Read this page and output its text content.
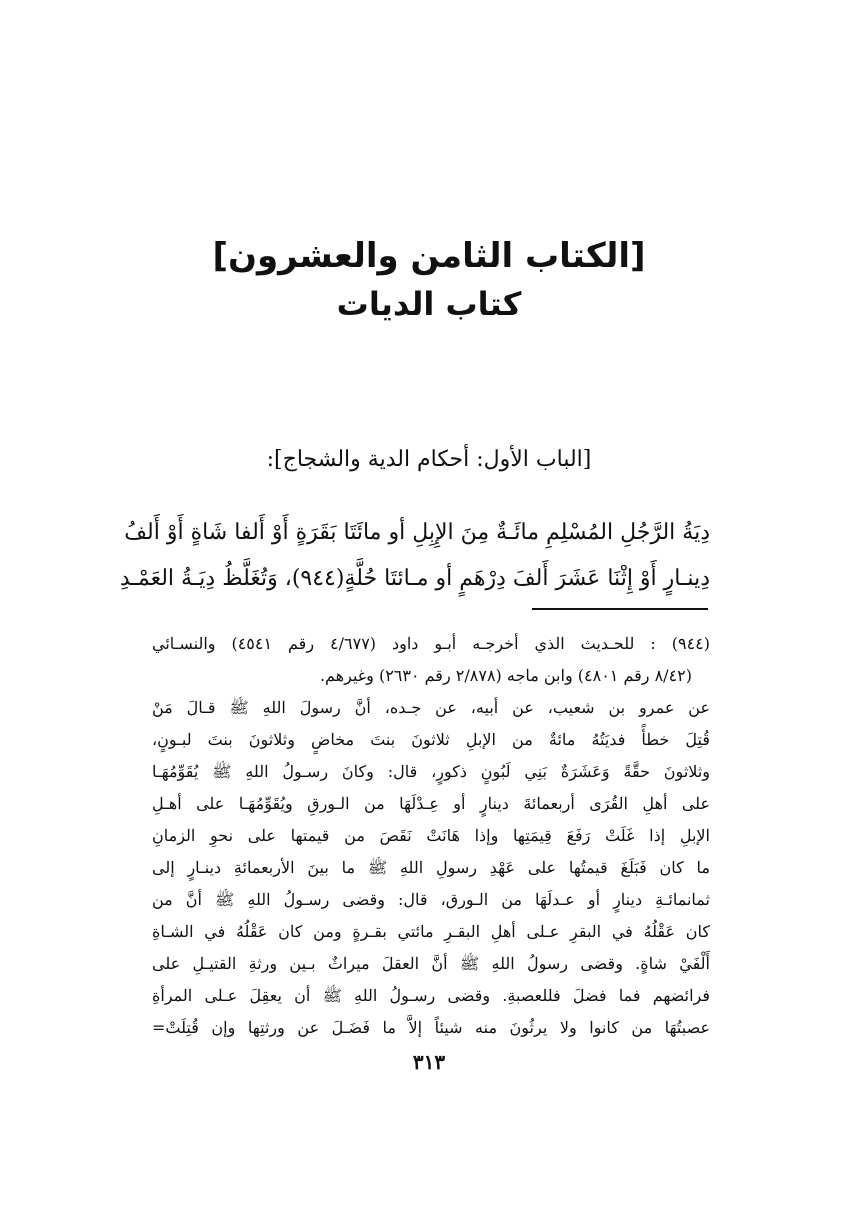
[الكتاب الثامن والعشرون]
كتاب الديات
[الباب الأول: أحكام الدية والشجاج]:
دِيَةُ الرَّجُلِ المُسْلِمِ مائَـةٌ مِنَ الإِبِلِ أو مائَتَا بَقَرَةٍ أَوْ أَلفا شَاةٍ أَوْ أَلفُ
دِينـارٍ أَوْ إِثْنَا عَشَرَ أَلفَ دِرْهَمٍ أو مـائتَا حُلَّةٍ(٩٤٤)، وَتُغَلَّظُ دِيَـةُ العَمْـدِ
(٩٤٤) : للحـديث الذي أخرجـه أبـو داود (٤/٦٧٧ رقم ٤٥٤١) والنسـائي
(٨/٤٢ رقم ٤٨٠١) وابن ماجه (٢/٨٧٨ رقم ٢٦٣٠) وغيرهم.
عن عمرو بن شعيب، عن أبيه، عن جـده، أنَّ رسولَ اللهِ ﷺ قـالَ مَنْ
قُتِلَ خطأً فديَتُهُ مائةٌ من الإبلِ ثلاثونَ بنتَ مخاضٍ وثلاثونَ بنتَ لبـونٍ،
وثلاثونَ حقَّةً وَعَشَرَةٌ بَنِي لَبُونٍ ذكورٍ، قال: وكانَ رسـولُ اللهِ ﷺ يُقَوِّمُهَـا
على أهلِ القُرَى أربعمائةَ دينارٍ أو عِـدْلَهَا من الـورقِ ويُقَوِّمُهَـا على أهـلِ
الإبلِ إذا غَلَتْ رَفَعَ قِيمَتِها وإذا هَانَتْ نَقَصَ من قيمتها على نحوِ الزمانِ
ما كان فَبَلَغَ قيمتُها على عَهْدِ رسولِ اللهِ ﷺ ما بينَ الأربعمائةِ دينـارٍ إلى
ثمانمائـةِ دينارٍ أو عـدلَهَا من الـورق، قال: وقضى رسـولُ اللهِ ﷺ أنَّ من
كان عَقْلُهُ في البقرِ عـلى أهلِ البقـرِ مائتي بقـرةٍ ومن كان عَقْلُهُ في الشـاةِ
أَلْفَيْ شاةٍ. وقضى رسولُ اللهِ ﷺ أنَّ العقلَ ميراثٌ بـين ورثةِ القتيـلِ على
فرائضهم فما فضلَ فللعصبةِ. وقضى رسـولُ اللهِ ﷺ أن يعقِلَ عـلى المرأةِ
عصبتُهَا من كانوا ولا يرثُونَ منه شيئاً إلاَّ ما فَضَـلَ عن ورثتِها وإن قُتِلَتْ=
٣١٣
